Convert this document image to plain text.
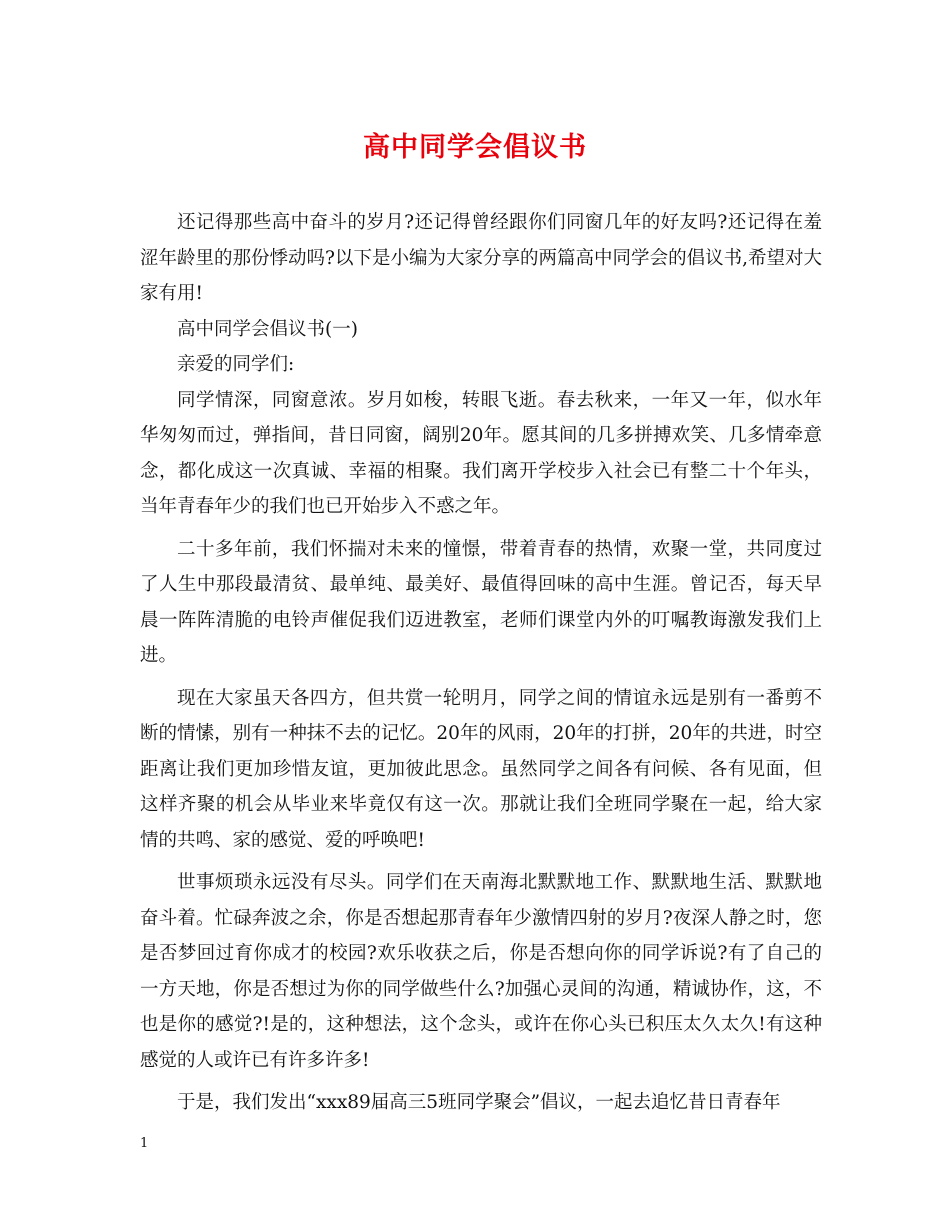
高中同学会倡议书

还记得那些高中奋斗的岁月?还记得曾经跟你们同窗几年的好友吗?还记得在羞涩年龄里的那份悸动吗?以下是小编为大家分享的两篇高中同学会的倡议书,希望对大家有用!

高中同学会倡议书(一)

亲爱的同学们:

同学情深，同窗意浓。岁月如梭，转眼飞逝。春去秋来，一年又一年，似水年华匆匆而过，弹指间，昔日同窗，阔别20年。愿其间的几多拼搏欢笑、几多情牵意念，都化成这一次真诚、幸福的相聚。我们离开学校步入社会已有整二十个年头，当年青春年少的我们也已开始步入不惑之年。

二十多年前，我们怀揣对未来的憧憬，带着青春的热情，欢聚一堂，共同度过了人生中那段最清贫、最单纯、最美好、最值得回味的高中生涯。曾记否，每天早晨一阵阵清脆的电铃声催促我们迈进教室，老师们课堂内外的叮嘱教诲激发我们上进。

现在大家虽天各四方，但共赏一轮明月，同学之间的情谊永远是别有一番剪不断的情愫，别有一种抹不去的记忆。20年的风雨，20年的打拼，20年的共进，时空距离让我们更加珍惜友谊，更加彼此思念。虽然同学之间各有问候、各有见面，但这样齐聚的机会从毕业来毕竟仅有这一次。那就让我们全班同学聚在一起，给大家情的共鸣、家的感觉、爱的呼唤吧!

世事烦琐永远没有尽头。同学们在天南海北默默地工作、默默地生活、默默地奋斗着。忙碌奔波之余，你是否想起那青春年少激情四射的岁月?夜深人静之时，您是否梦回过育你成才的校园?欢乐收获之后，你是否想向你的同学诉说?有了自己的一方天地，你是否想过为你的同学做些什么?加强心灵间的沟通，精诚协作，这，不也是你的感觉?!是的，这种想法，这个念头，或许在你心头已积压太久太久!有这种感觉的人或许已有许多许多!

于是，我们发出“xxx89届高三5班同学聚会”倡议，一起去追忆昔日青春年

1
